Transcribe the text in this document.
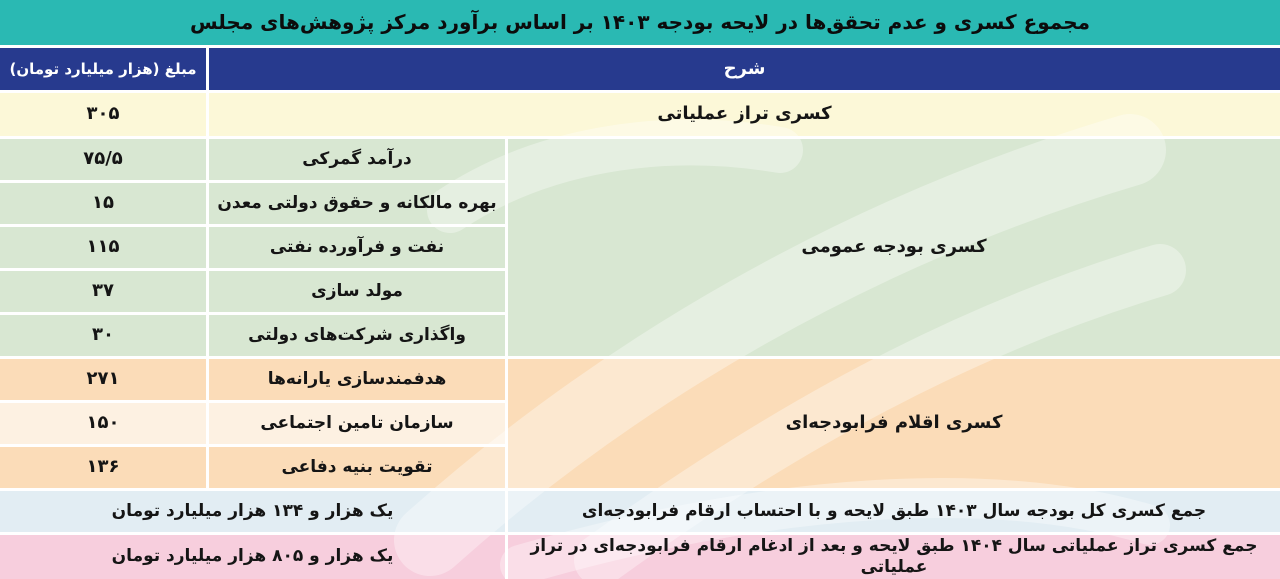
مجموع کسری و عدم تحقق‌ها در لایحه بودجه ۱۴۰۳ بر اساس برآورد مرکز پژوهش‌های مجلس
شرح
مبلغ (هزار میلیارد تومان)
کسری تراز عملیاتی
۳۰۵
کسری بودجه عمومی
درآمد گمرکی
۷۵/۵
بهره مالکانه و حقوق دولتی معدن
۱۵
نفت و فرآورده نفتی
۱۱۵
مولد سازی
۳۷
واگذاری شرکت‌های دولتی
۳۰
کسری اقلام فرابودجه‌ای
هدفمندسازی یارانه‌ها
۲۷۱
سازمان تامین اجتماعی
۱۵۰
تقویت بنیه دفاعی
۱۳۶
جمع کسری کل بودجه سال ۱۴۰۳ طبق لایحه و با احتساب ارقام فرابودجه‌ای
یک هزار و ۱۳۴ هزار میلیارد تومان
جمع کسری تراز عملیاتی سال ۱۴۰۴ طبق لایحه و بعد از ادغام ارقام فرابودجه‌ای در تراز عملیاتی
یک هزار و ۸۰۵ هزار میلیارد تومان
